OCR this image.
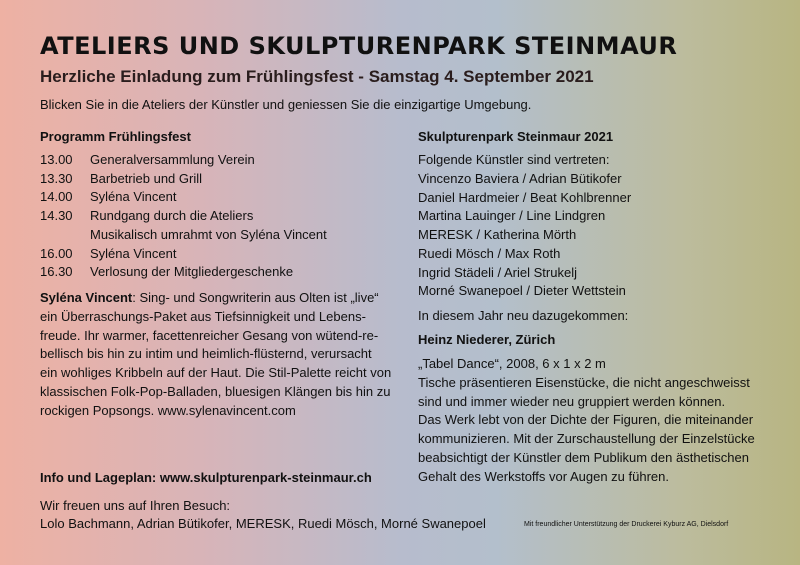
ATELIERS UND SKULPTURENPARK STEINMAUR
Herzliche Einladung zum Frühlingsfest - Samstag 4. September 2021
Blicken Sie in die Ateliers der Künstler und geniessen Sie die einzigartige Umgebung.
Programm Frühlingsfest
13.00	Generalversammlung Verein
13.30	Barbetrieb und Grill
14.00	Syléna Vincent
14.30	Rundgang durch die Ateliers
Musikalisch umrahmt von Syléna Vincent
16.00	Syléna Vincent
16.30	Verlosung der Mitgliedergeschenke
Syléna Vincent: Sing- und Songwriterin aus Olten ist „live“
ein Überraschungs-Paket aus Tiefsinnigkeit und Lebens-
freude. Ihr warmer, facettenreicher Gesang von wütend-re-
bellisch bis hin zu intim und heimlich-flüsternd, verursacht
ein wohliges Kribbeln auf der Haut. Die Stil-Palette reicht von
klassischen Folk-Pop-Balladen, bluesigen Klängen bis hin zu
rockigen Popsongs. www.sylenavincent.com
Info und Lageplan: www.skulpturenpark-steinmaur.ch
Wir freuen uns auf Ihren Besuch:
Lolo Bachmann, Adrian Bütikofer, MERESK, Ruedi Mösch, Morné Swanepoel
Skulpturenpark Steinmaur 2021
Folgende Künstler sind vertreten:
Vincenzo Baviera / Adrian Bütikofer
Daniel Hardmeier / Beat Kohlbrenner
Martina Lauinger / Line Lindgren
MERESK / Katherina Mörth
Ruedi Mösch / Max Roth
Ingrid Städeli / Ariel Strukelj
Morné Swanepoel / Dieter Wettstein
In diesem Jahr neu dazugekommen:
Heinz Niederer, Zürich
„Tabel Dance“, 2008, 6 x 1 x 2 m
Tische präsentieren Eisenstücke, die nicht angeschweisst
sind und immer wieder neu gruppiert werden können.
Das Werk lebt von der Dichte der Figuren, die miteinander
kommunizieren. Mit der Zurschaustellung der Einzelstücke
beabsichtigt der Künstler dem Publikum den ästhetischen
Gehalt des Werkstoffs vor Augen zu führen.
Mit freundlicher Unterstützung der Druckerei Kyburz AG, Dielsdorf
